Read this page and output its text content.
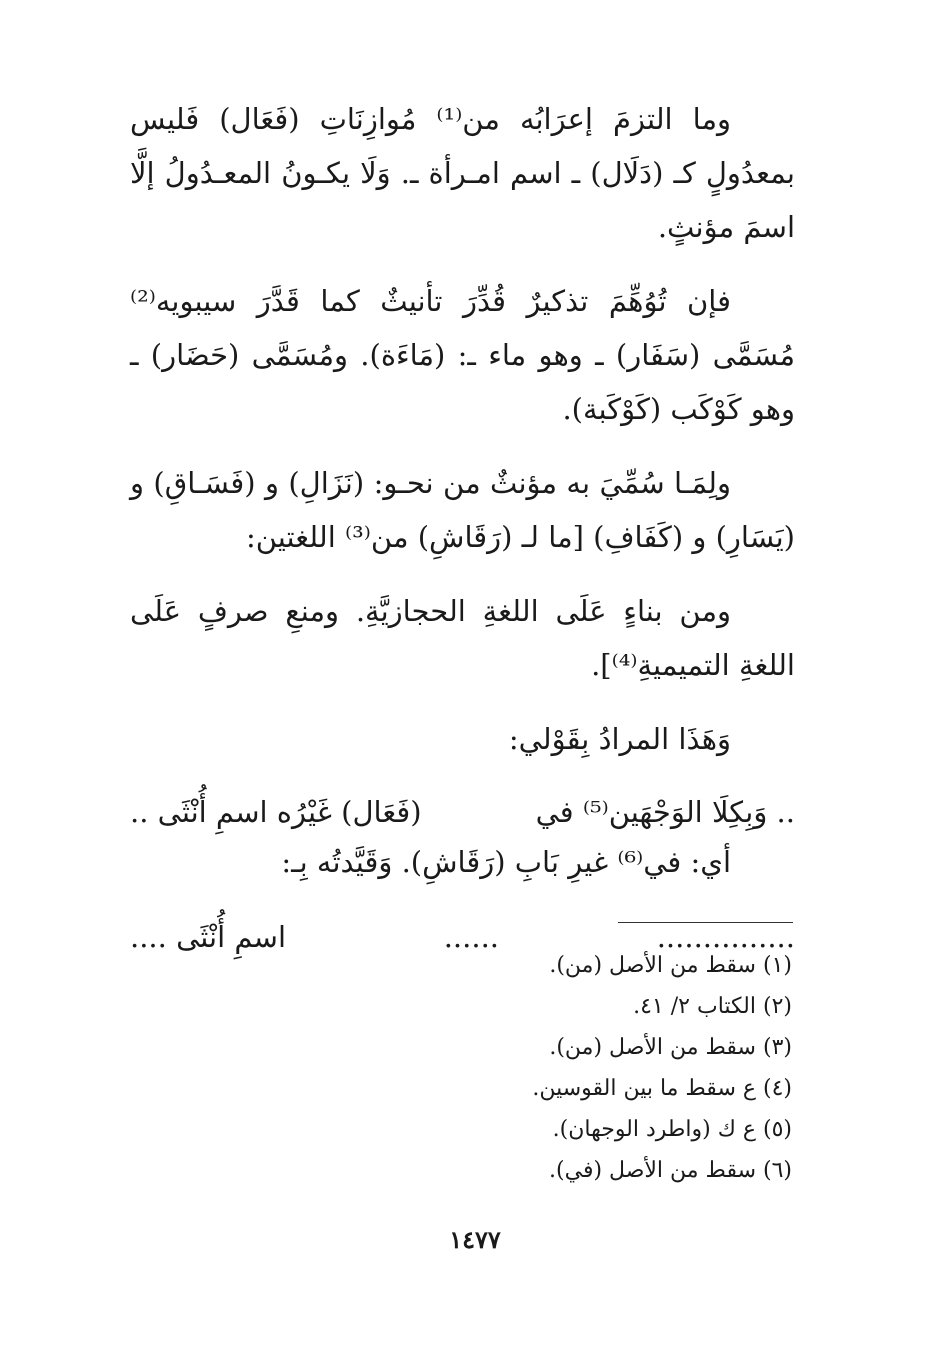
وما التزمَ إعرَابُه من⁽¹⁾ مُوازِنَاتِ (فَعَال) فَليس بمعدُولٍ كـ (دَلَال) ـ اسم امـرأة ـ. وَلَا يكـونُ المعـدُولُ إلَّا اسمَ مؤنثٍ.

فإن تُوُهِّمَ تذكيرٌ قُدِّرَ تأنيثٌ كما قَدَّرَ سيبويه⁽²⁾ مُسَمَّى (سَفَار) ـ وهو ماء ـ: (مَاءَة). ومُسَمَّى (حَضَار) ـ وهو كَوْكَب (كَوْكَبة).

ولِمَـا سُمِّيَ به مؤنثٌ من نحـو: (نَزَالِ) و (فَسَـاقِ) و (يَسَارِ) و (كَفَافِ) [ما لـ (رَقَاشِ) من⁽³⁾ اللغتين:

ومن بناءٍ عَلَى اللغةِ الحجازيَّةِ. ومنعِ صرفٍ عَلَى اللغةِ التميميةِ⁽⁴⁾].

وَهَذَا المرادُ بِقَوْلي:

.. وَبِكِلَا الوَجْهَين⁽⁵⁾ في
(فَعَال) غَيْرُه اسمِ أُنْثَى ..

أي: في⁽⁶⁾ غيرِ بَابِ (رَقَاشِ). وَقَيَّدتُه بِـ:

...............
......
اسمِ أُنْثَى ....

(١) سقط من الأصل (من).

(٢) الكتاب ٢/ ٤١.

(٣) سقط من الأصل (من).

(٤) ع سقط ما بين القوسين.

(٥) ع ك (واطرد الوجهان).

(٦) سقط من الأصل (في).

١٤٧٧
